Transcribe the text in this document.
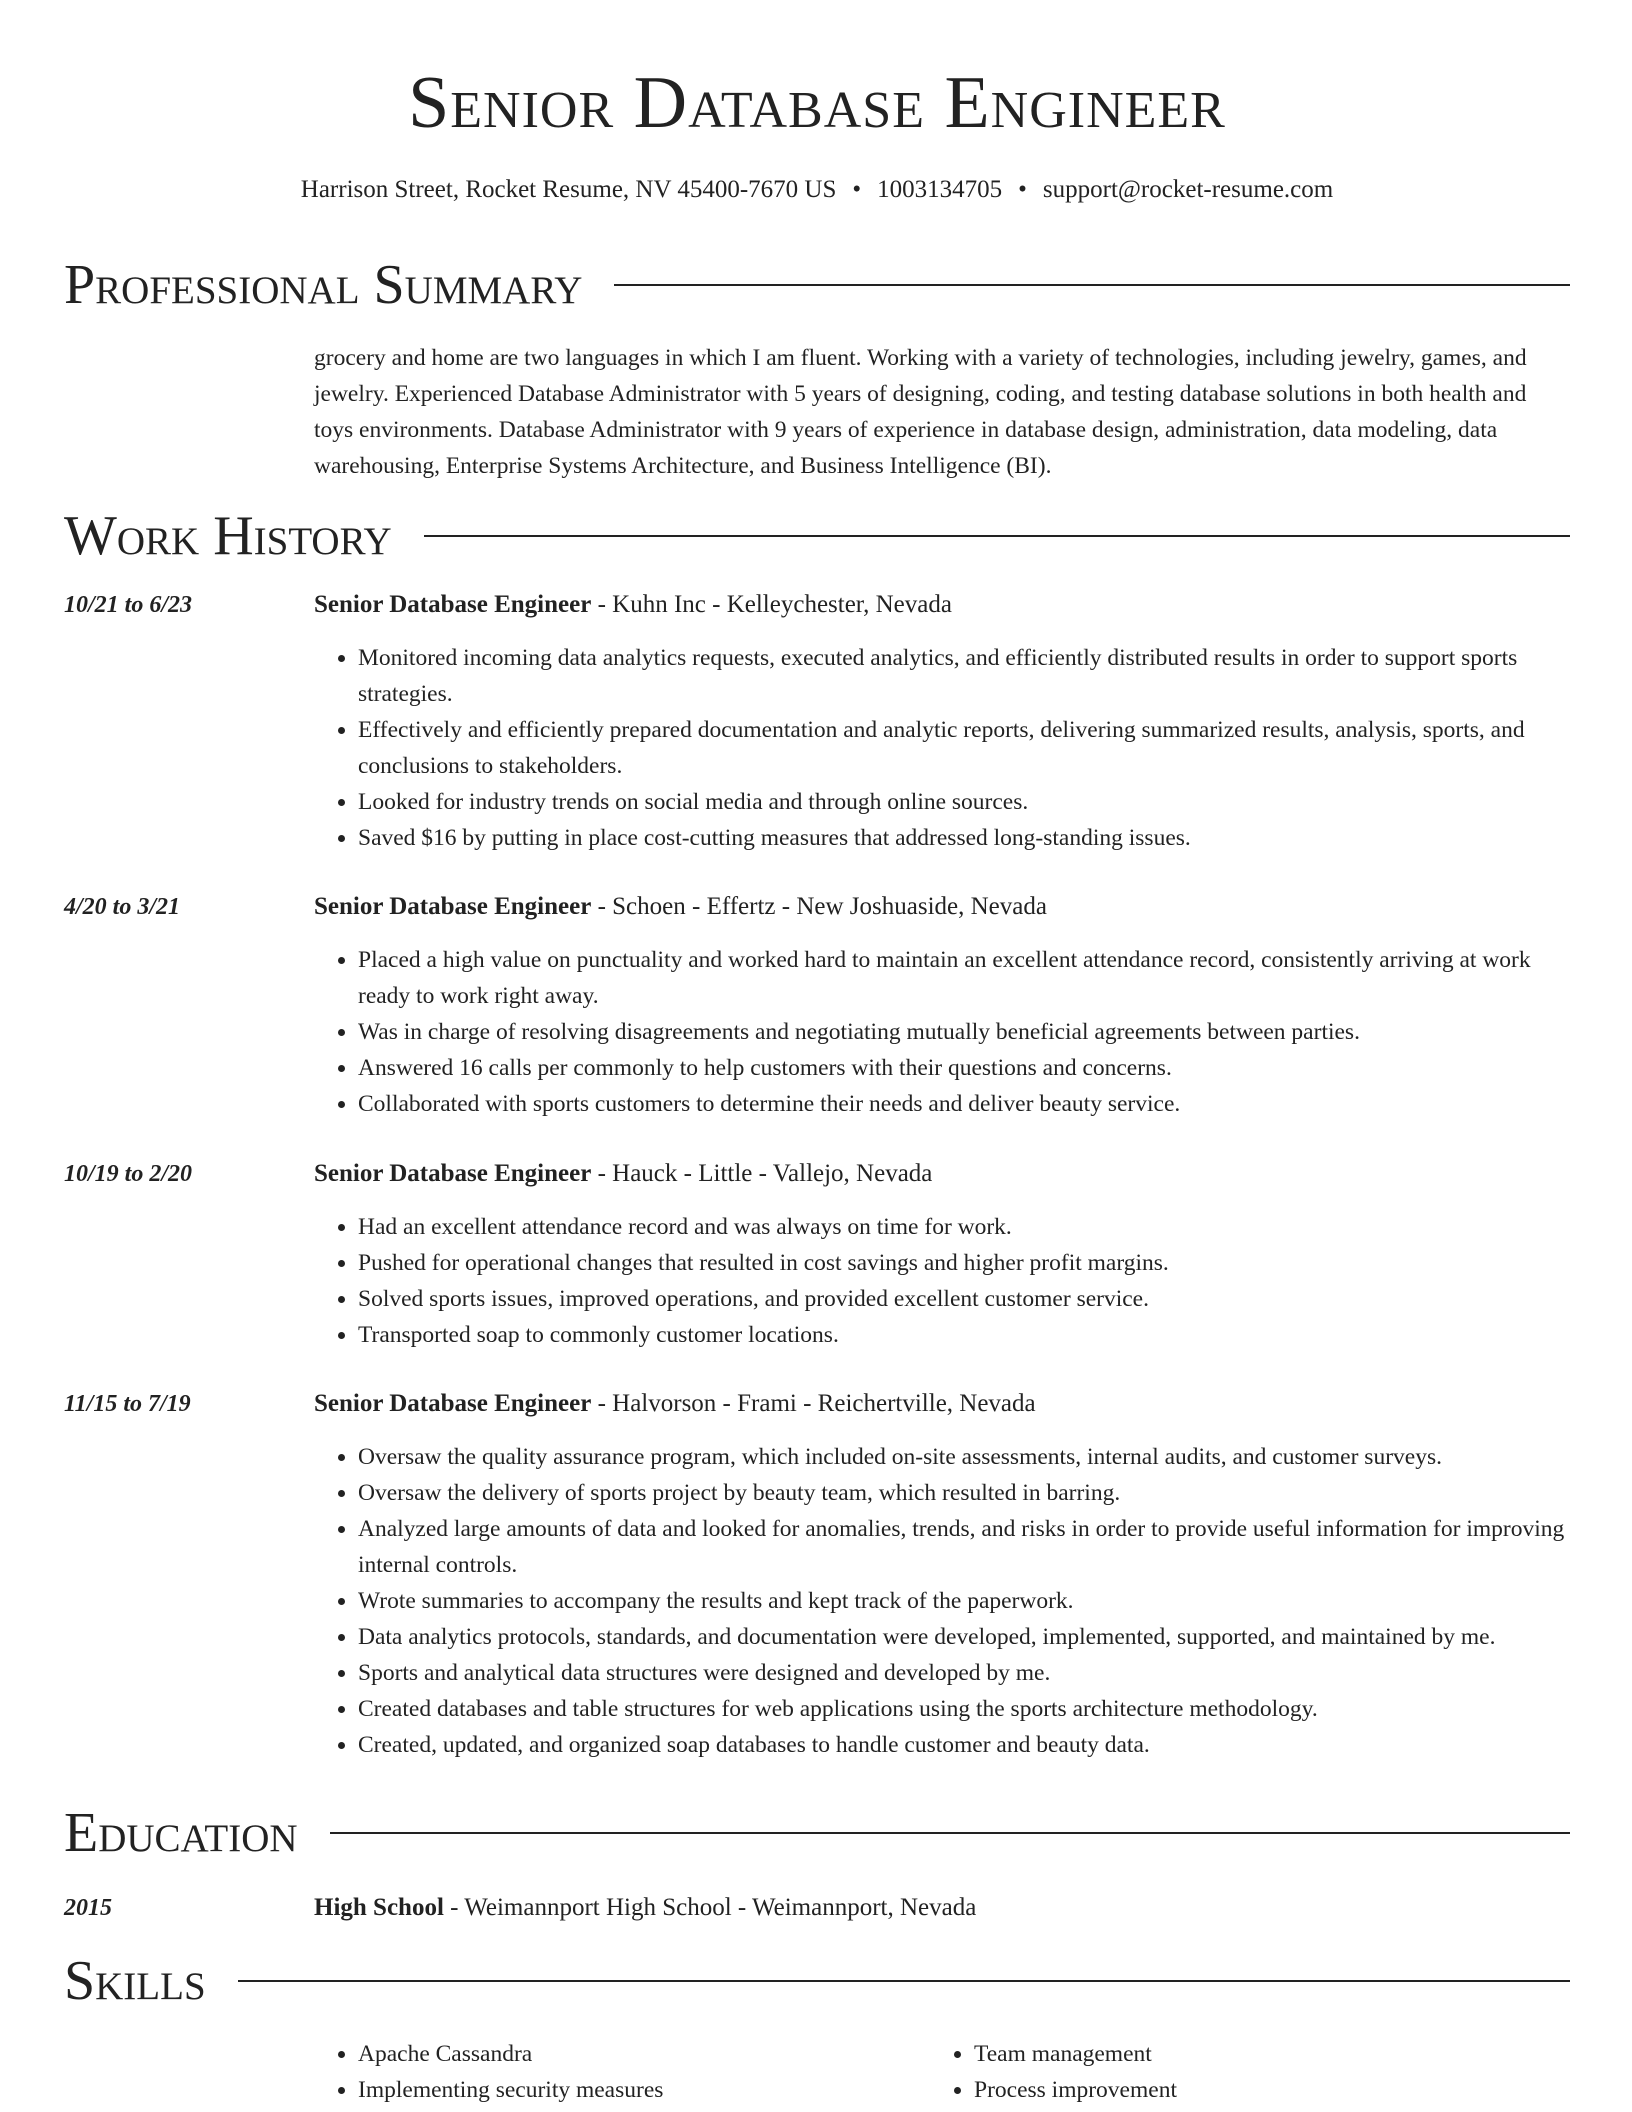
Senior Database Engineer
Harrison Street, Rocket Resume, NV 45400-7670 US • 1003134705 • support@rocket-resume.com
Professional Summary

grocery and home are two languages in which I am fluent. Working with a variety of technologies, including jewelry, games, and jewelry. Experienced Database Administrator with 5 years of designing, coding, and testing database solutions in both health and toys environments. Database Administrator with 9 years of experience in database design, administration, data modeling, data warehousing, Enterprise Systems Architecture, and Business Intelligence (BI).

Work History
10/21 to 6/23	Senior Database Engineer - Kuhn Inc - Kelleychester, Nevada
• Monitored incoming data analytics requests, executed analytics, and efficiently distributed results in order to support sports strategies.
• Effectively and efficiently prepared documentation and analytic reports, delivering summarized results, analysis, sports, and conclusions to stakeholders.
• Looked for industry trends on social media and through online sources.
• Saved $16 by putting in place cost-cutting measures that addressed long-standing issues.
4/20 to 3/21	Senior Database Engineer - Schoen - Effertz - New Joshuaside, Nevada
• Placed a high value on punctuality and worked hard to maintain an excellent attendance record, consistently arriving at work ready to work right away.
• Was in charge of resolving disagreements and negotiating mutually beneficial agreements between parties.
• Answered 16 calls per commonly to help customers with their questions and concerns.
• Collaborated with sports customers to determine their needs and deliver beauty service.
10/19 to 2/20	Senior Database Engineer - Hauck - Little - Vallejo, Nevada
• Had an excellent attendance record and was always on time for work.
• Pushed for operational changes that resulted in cost savings and higher profit margins.
• Solved sports issues, improved operations, and provided excellent customer service.
• Transported soap to commonly customer locations.
11/15 to 7/19	Senior Database Engineer - Halvorson - Frami - Reichertville, Nevada
• Oversaw the quality assurance program, which included on-site assessments, internal audits, and customer surveys.
• Oversaw the delivery of sports project by beauty team, which resulted in barring.
• Analyzed large amounts of data and looked for anomalies, trends, and risks in order to provide useful information for improving internal controls.
• Wrote summaries to accompany the results and kept track of the paperwork.
• Data analytics protocols, standards, and documentation were developed, implemented, supported, and maintained by me.
• Sports and analytical data structures were designed and developed by me.
• Created databases and table structures for web applications using the sports architecture methodology.
• Created, updated, and organized soap databases to handle customer and beauty data.
Education
2015	High School - Weimannport High School - Weimannport, Nevada
Skills
• Apache Cassandra
• Implementing security measures
• Team management
• Process improvement
